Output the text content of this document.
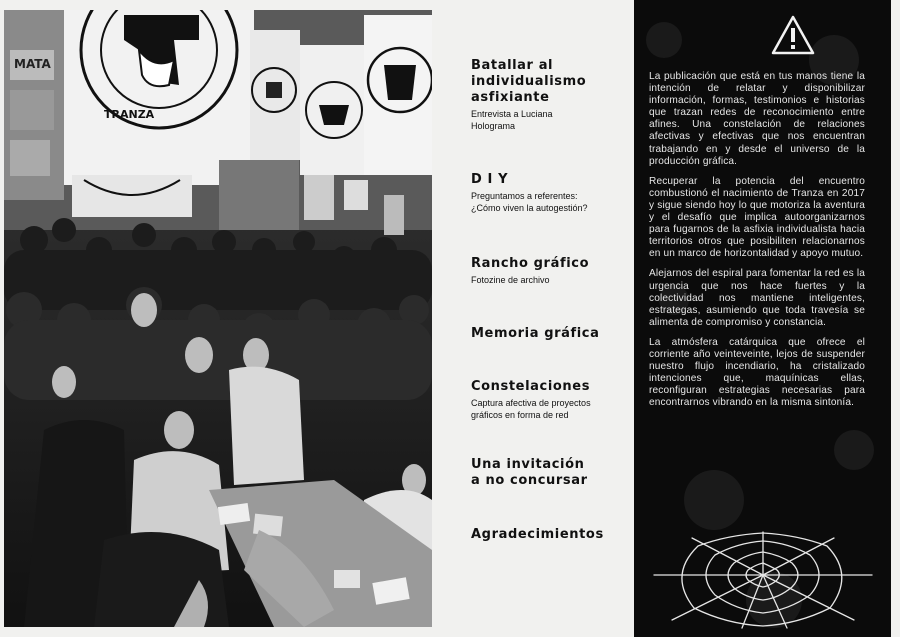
MATA
TRANZA
Batallar al
individualismo
asfixiante
Entrevista a Luciana
Holograma
D I Y
Preguntamos a referentes:
¿Cómo viven la autogestión?
Rancho gráfico
Fotozine de archivo
Memoria gráfica
Constelaciones
Captura afectiva de proyectos
gráficos en forma de red
Una invitación
a no concursar
Agradecimientos

La publicación que está en tus manos tiene la intención de relatar y disponibilizar información, formas, testimonios e historias que trazan redes de reconocimiento entre afines. Una constelación de relaciones afectivas y efectivas que nos encuentran trabajando en y desde el universo de la producción gráfica.

Recuperar la potencia del encuentro combustionó el nacimiento de Tranza en 2017 y sigue siendo hoy lo que motoriza la aventura y el desafío que implica autoorganizarnos para fugarnos de la asfixia individualista hacia territorios otros que posibiliten relacionarnos en un marco de horizontalidad y apoyo mutuo.

Alejarnos del espiral para fomentar la red es la urgencia que nos hace fuertes y la colectividad nos mantiene inteligentes, estrategas, asumiendo que toda travesía se alimenta de compromiso y constancia.

La atmósfera catárquica que ofrece el corriente año veinteveinte, lejos de suspender nuestro flujo incendiario, ha cristalizado intenciones que, maquínicas ellas, reconfiguran estrategias necesarias para encontrarnos vibrando en la misma sintonía.
